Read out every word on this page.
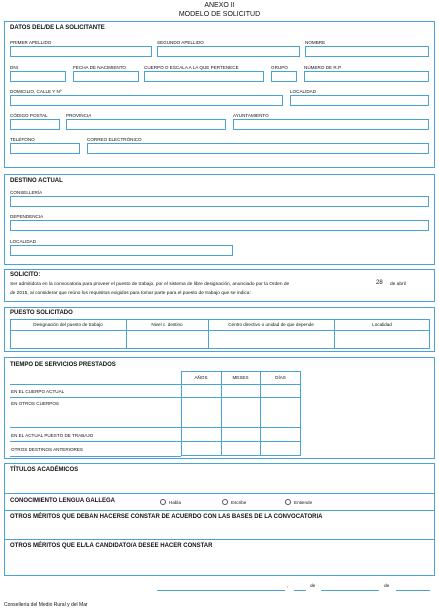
ANEXO II
MODELO DE SOLICITUD
DATOS DEL/DE LA SOLICITANTE
PRIMER APELLIDO	SEGUNDO APELLIDO	NOMBRE
DNI	FECHA DE NACIMIENTO	CUERPO O ESCALA A LA QUE PERTENECE	GRUPO	NÚMERO DE R.P.
DOMICILIO, CALLE Y Nº	LOCALIDAD
CÓDIGO POSTAL	PROVINCIA	AYUNTAMIENTO
TELÉFONO	CORREO ELECTRÓNICO
DESTINO ACTUAL
CONSELLERÍA
DEPENDENCIA
LOCALIDAD
SOLICITO:
Ser admitido/a en la convocatoria para proveer el puesto de trabajo, por el sistema de libre designación, anunciado por la Orden de	28 de abril
de 2015, al considerar que reúno los requisitos exigidos para tomar parte para el puesto de trabajo que se indica:
PUESTO SOLICITADO
Designación del puesto de trabajo	Nivel c. destino	Centro directivo o unidad de que depende	Localidad
TIEMPO DE SERVICIOS PRESTADOS
AÑOS	MESES	DÍAS
EN EL CUERPO ACTUAL
EN OTROS CUERPOS
EN EL ACTUAL PUESTO DE TRABAJO
OTROS DESTINOS ANTERIORES
TÍTULOS ACADÉMICOS
CONOCIMIENTO LENGUA GALLEGA	Habla	Escribe	Entiende
OTROS MÉRITOS QUE DEBAN HACERSE CONSTAR DE ACUERDO CON LAS BASES DE LA CONVOCATORIA
OTROS MÉRITOS QUE EL/LA CANDIDATO/A DESEE HACER CONSTAR
,	de	de
Consellería del Medio Rural y del Mar
